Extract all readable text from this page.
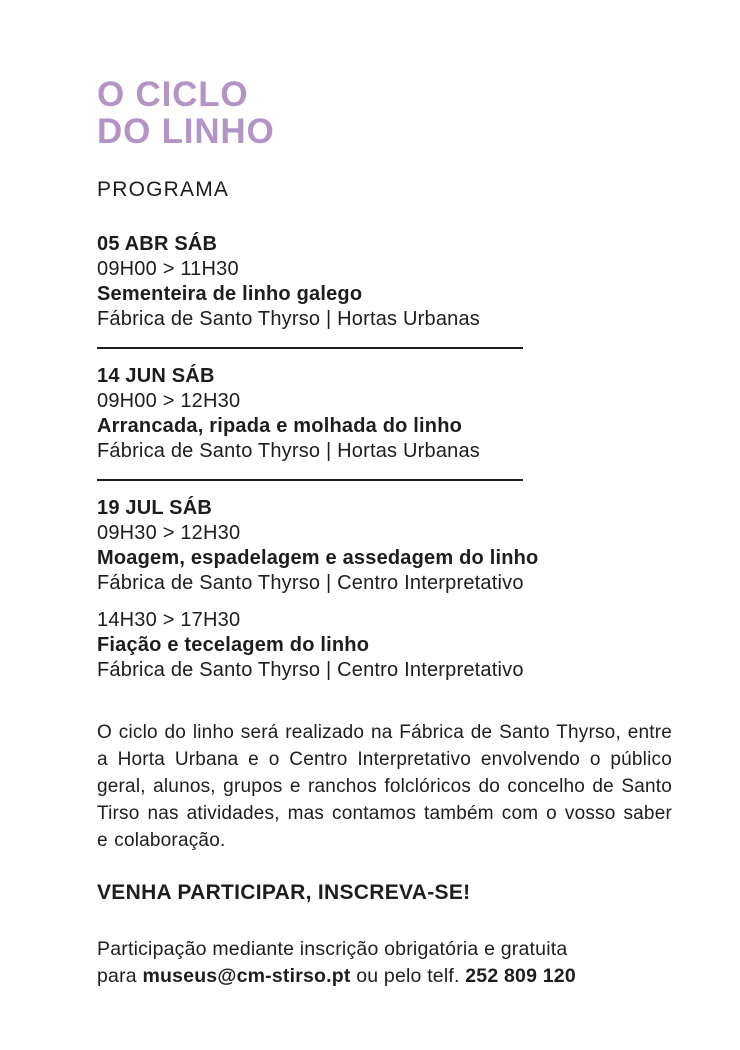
O CICLO
DO LINHO
PROGRAMA
05 ABR SÁB
09H00 > 11H30
Sementeira de linho galego
Fábrica de Santo Thyrso | Hortas Urbanas
14 JUN SÁB
09H00 > 12H30
Arrancada, ripada e molhada do linho
Fábrica de Santo Thyrso | Hortas Urbanas
19 JUL SÁB
09H30 > 12H30
Moagem, espadelagem e assedagem do linho
Fábrica de Santo Thyrso | Centro Interpretativo
14H30 > 17H30
Fiação e tecelagem do linho
Fábrica de Santo Thyrso | Centro Interpretativo

O ciclo do linho será realizado na Fábrica de Santo Thyrso, entre a Horta Urbana e o Centro Interpretativo envolvendo o público geral, alunos, grupos e ranchos folclóricos do concelho de Santo Tirso nas atividades, mas contamos também com o vosso saber e colaboração.

VENHA PARTICIPAR, INSCREVA-SE!
Participação mediante inscrição obrigatória e gratuita
para museus@cm-stirso.pt ou pelo telf. 252 809 120
